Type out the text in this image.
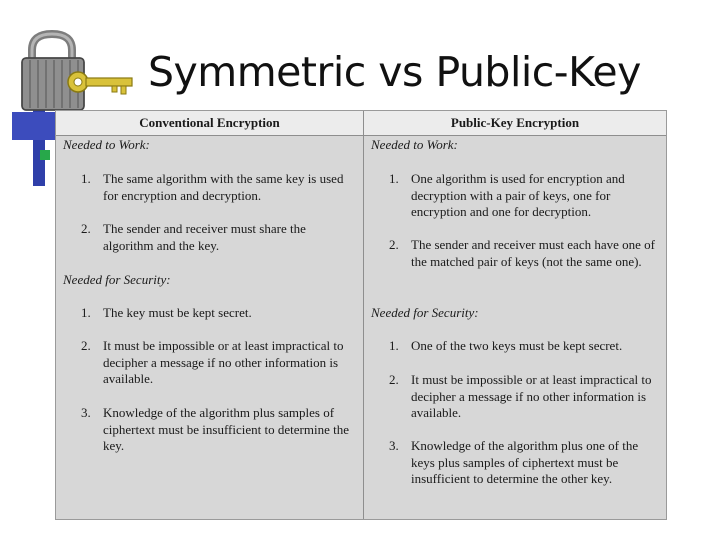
Symmetric vs Public-Key
Conventional Encryption	Public-Key Encryption
Needed to Work:
1. The same algorithm with the same key is used for encryption and decryption.
2. The sender and receiver must share the algorithm and the key.
Needed for Security:
1. The key must be kept secret.
2. It must be impossible or at least impractical to decipher a message if no other information is available.
3. Knowledge of the algorithm plus samples of ciphertext must be insufficient to determine the key.
Needed to Work:
1. One algorithm is used for encryption and decryption with a pair of keys, one for encryption and one for decryption.
2. The sender and receiver must each have one of the matched pair of keys (not the same one).
Needed for Security:
1. One of the two keys must be kept secret.
2. It must be impossible or at least impractical to decipher a message if no other information is available.
3. Knowledge of the algorithm plus one of the keys plus samples of ciphertext must be insufficient to determine the other key.
